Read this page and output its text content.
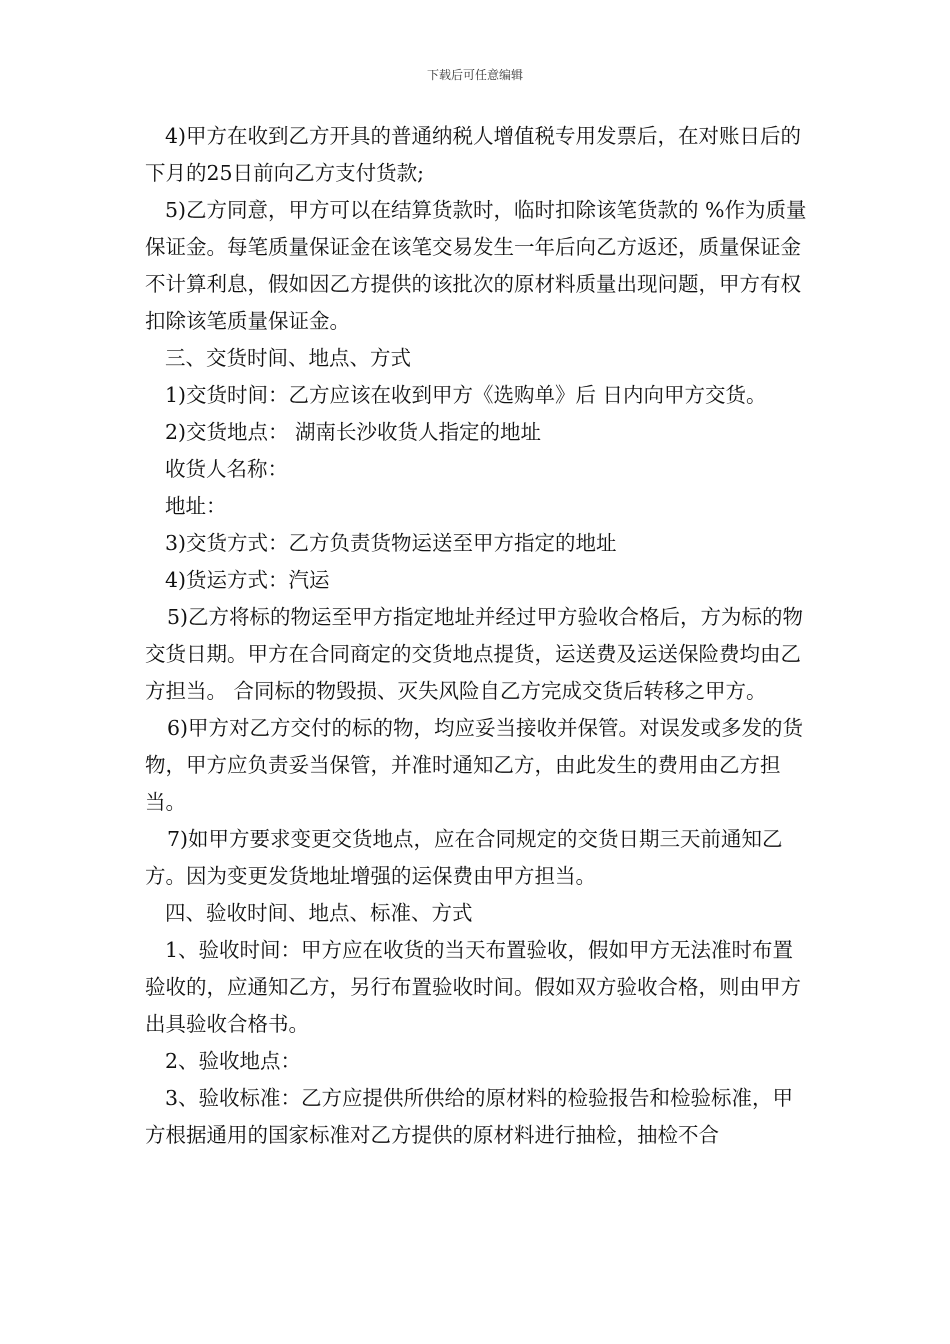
下载后可任意编辑

4)甲方在收到乙方开具的普通纳税人增值税专用发票后，在对账日后的下月的25日前向乙方支付货款;

5)乙方同意，甲方可以在结算货款时，临时扣除该笔货款的 %作为质量保证金。每笔质量保证金在该笔交易发生一年后向乙方返还，质量保证金不计算利息，假如因乙方提供的该批次的原材料质量出现问题，甲方有权扣除该笔质量保证金。

三、交货时间、地点、方式

1)交货时间：乙方应该在收到甲方《选购单》后 日内向甲方交货。

2)交货地点： 湖南长沙收货人指定的地址

收货人名称：

地址：

3)交货方式：乙方负责货物运送至甲方指定的地址

4)货运方式：汽运

5)乙方将标的物运至甲方指定地址并经过甲方验收合格后，方为标的物交货日期。甲方在合同商定的交货地点提货，运送费及运送保险费均由乙方担当。 合同标的物毁损、灭失风险自乙方完成交货后转移之甲方。

6)甲方对乙方交付的标的物，均应妥当接收并保管。对误发或多发的货物，甲方应负责妥当保管，并准时通知乙方，由此发生的费用由乙方担当。

7)如甲方要求变更交货地点，应在合同规定的交货日期三天前通知乙方。因为变更发货地址增强的运保费由甲方担当。

四、验收时间、地点、标准、方式

1、验收时间：甲方应在收货的当天布置验收，假如甲方无法准时布置验收的，应通知乙方，另行布置验收时间。假如双方验收合格，则由甲方出具验收合格书。

2、验收地点：

3、验收标准：乙方应提供所供给的原材料的检验报告和检验标准，甲方根据通用的国家标准对乙方提供的原材料进行抽检，抽检不合
